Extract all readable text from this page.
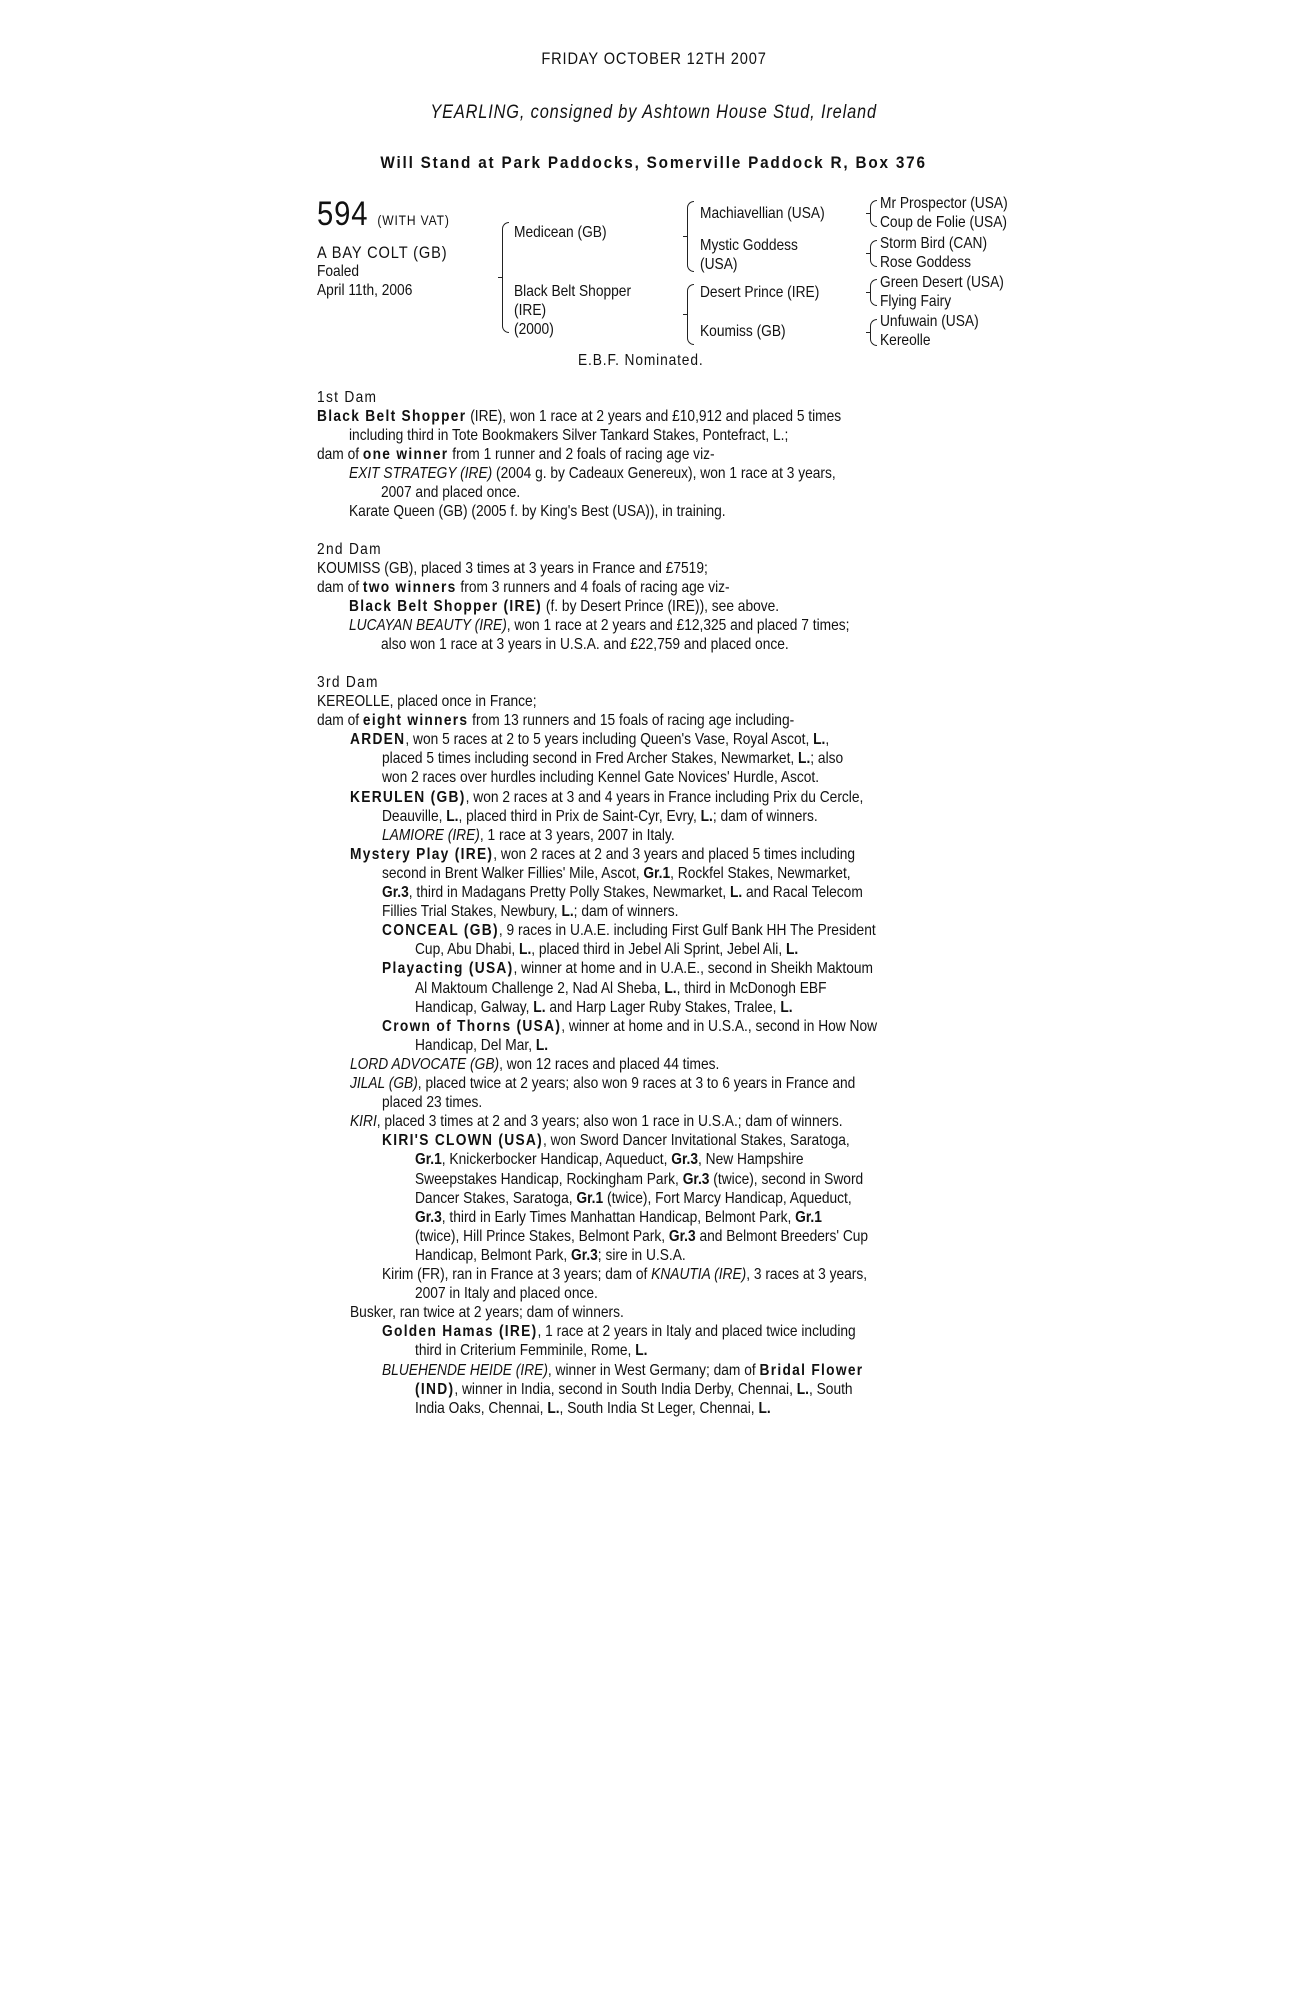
FRIDAY OCTOBER 12TH 2007
YEARLING, consigned by Ashtown House Stud, Ireland
Will Stand at Park Paddocks, Somerville Paddock R, Box 376
594 (WITH VAT)
A BAY COLT (GB)
Foaled
April 11th, 2006
Medicean (GB)
Black Belt Shopper
(IRE)
(2000)
Machiavellian (USA)
Mystic Goddess
(USA)
Desert Prince (IRE)
Koumiss (GB)
Mr Prospector (USA)
Coup de Folie (USA)
Storm Bird (CAN)
Rose Goddess
Green Desert (USA)
Flying Fairy
Unfuwain (USA)
Kereolle
E.B.F. Nominated.
1st Dam
Black Belt Shopper (IRE), won 1 race at 2 years and £10,912 and placed 5 times
including third in Tote Bookmakers Silver Tankard Stakes, Pontefract, L.;
dam of one winner from 1 runner and 2 foals of racing age viz-
EXIT STRATEGY (IRE) (2004 g. by Cadeaux Genereux), won 1 race at 3 years,
2007 and placed once.
Karate Queen (GB) (2005 f. by King's Best (USA)), in training.
2nd Dam
KOUMISS (GB), placed 3 times at 3 years in France and £7519;
dam of two winners from 3 runners and 4 foals of racing age viz-
Black Belt Shopper (IRE) (f. by Desert Prince (IRE)), see above.
LUCAYAN BEAUTY (IRE), won 1 race at 2 years and £12,325 and placed 7 times;
also won 1 race at 3 years in U.S.A. and £22,759 and placed once.
3rd Dam
KEREOLLE, placed once in France;
dam of eight winners from 13 runners and 15 foals of racing age including-
ARDEN, won 5 races at 2 to 5 years including Queen's Vase, Royal Ascot, L.,
placed 5 times including second in Fred Archer Stakes, Newmarket, L.; also
won 2 races over hurdles including Kennel Gate Novices' Hurdle, Ascot.
KERULEN (GB), won 2 races at 3 and 4 years in France including Prix du Cercle,
Deauville, L., placed third in Prix de Saint-Cyr, Evry, L.; dam of winners.
LAMIORE (IRE), 1 race at 3 years, 2007 in Italy.
Mystery Play (IRE), won 2 races at 2 and 3 years and placed 5 times including
second in Brent Walker Fillies' Mile, Ascot, Gr.1, Rockfel Stakes, Newmarket,
Gr.3, third in Madagans Pretty Polly Stakes, Newmarket, L. and Racal Telecom
Fillies Trial Stakes, Newbury, L.; dam of winners.
CONCEAL (GB), 9 races in U.A.E. including First Gulf Bank HH The President
Cup, Abu Dhabi, L., placed third in Jebel Ali Sprint, Jebel Ali, L.
Playacting (USA), winner at home and in U.A.E., second in Sheikh Maktoum
Al Maktoum Challenge 2, Nad Al Sheba, L., third in McDonogh EBF
Handicap, Galway, L. and Harp Lager Ruby Stakes, Tralee, L.
Crown of Thorns (USA), winner at home and in U.S.A., second in How Now
Handicap, Del Mar, L.
LORD ADVOCATE (GB), won 12 races and placed 44 times.
JILAL (GB), placed twice at 2 years; also won 9 races at 3 to 6 years in France and
placed 23 times.
KIRI, placed 3 times at 2 and 3 years; also won 1 race in U.S.A.; dam of winners.
KIRI'S CLOWN (USA), won Sword Dancer Invitational Stakes, Saratoga,
Gr.1, Knickerbocker Handicap, Aqueduct, Gr.3, New Hampshire
Sweepstakes Handicap, Rockingham Park, Gr.3 (twice), second in Sword
Dancer Stakes, Saratoga, Gr.1 (twice), Fort Marcy Handicap, Aqueduct,
Gr.3, third in Early Times Manhattan Handicap, Belmont Park, Gr.1
(twice), Hill Prince Stakes, Belmont Park, Gr.3 and Belmont Breeders' Cup
Handicap, Belmont Park, Gr.3; sire in U.S.A.
Kirim (FR), ran in France at 3 years; dam of KNAUTIA (IRE), 3 races at 3 years,
2007 in Italy and placed once.
Busker, ran twice at 2 years; dam of winners.
Golden Hamas (IRE), 1 race at 2 years in Italy and placed twice including
third in Criterium Femminile, Rome, L.
BLUEHENDE HEIDE (IRE), winner in West Germany; dam of Bridal Flower
(IND), winner in India, second in South India Derby, Chennai, L., South
India Oaks, Chennai, L., South India St Leger, Chennai, L.
